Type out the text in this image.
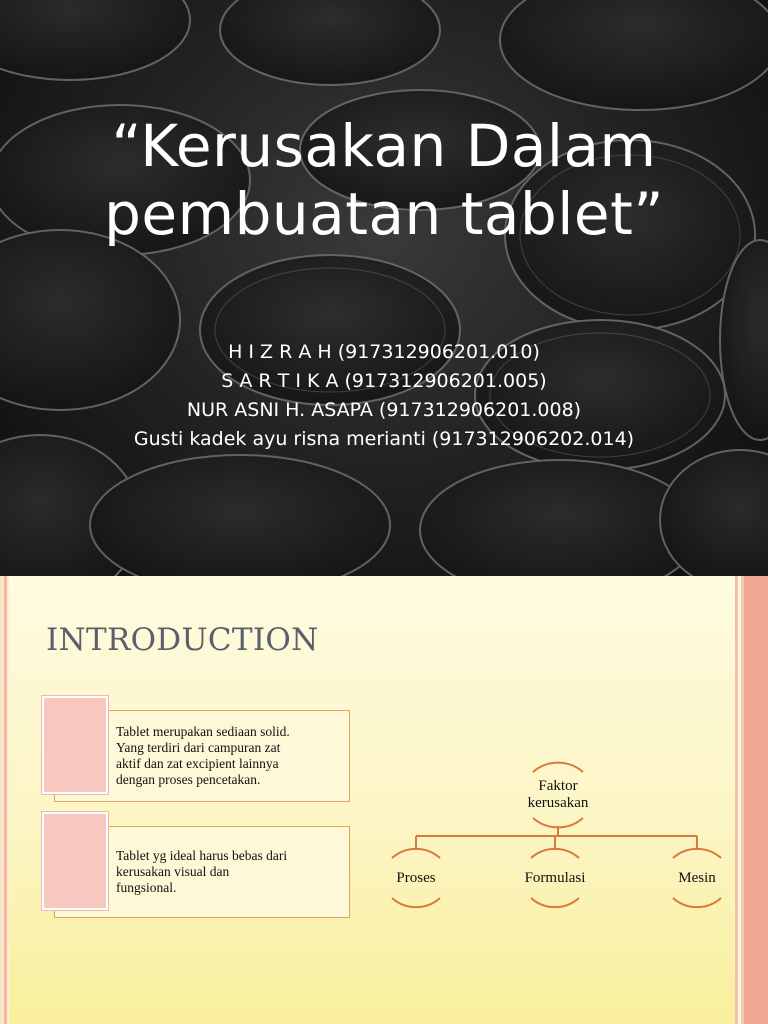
“Kerusakan Dalam
pembuatan tablet”
H I Z R A H (917312906201.010)
S A R T I K A (917312906201.005)
NUR ASNI H. ASAPA (917312906201.008)
Gusti kadek ayu risna merianti (917312906202.014)
INTRODUCTION
Tablet merupakan sediaan solid.
Yang terdiri dari campuran zat
aktif dan zat excipient lainnya
dengan proses pencetakan.
Tablet yg ideal harus bebas dari
kerusakan visual dan
fungsional.
Faktor
kerusakan
Proses	Formulasi	Mesin
